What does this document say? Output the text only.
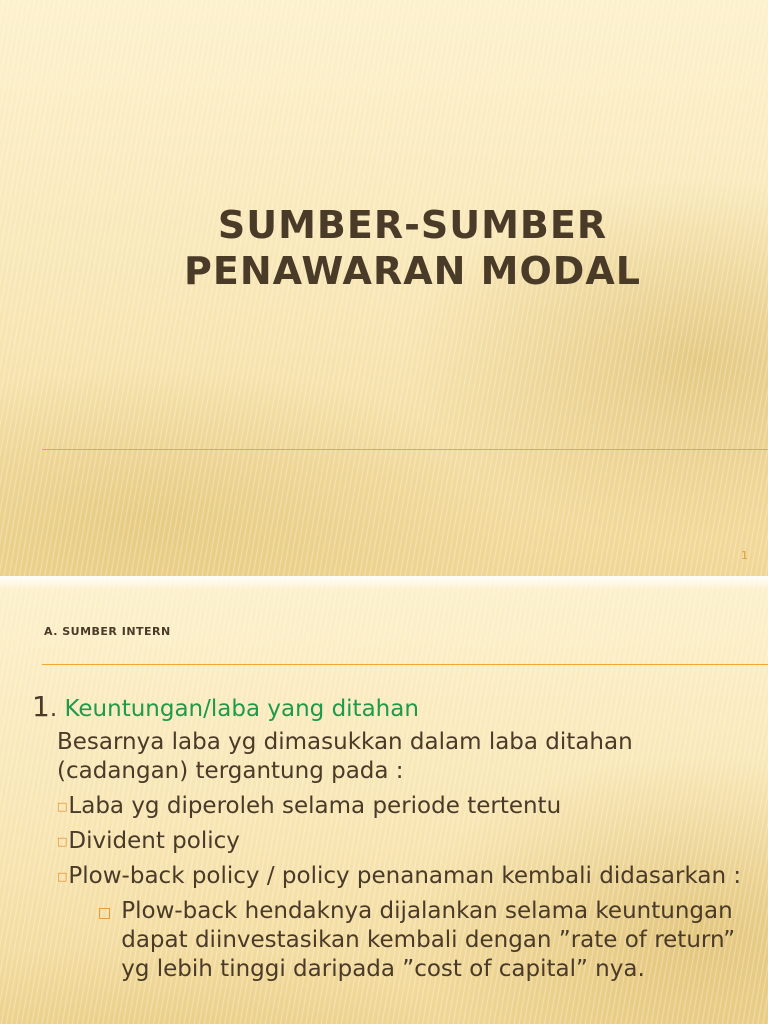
SUMBER-SUMBER
PENAWARAN MODAL
1
A. SUMBER INTERN
1 .
Keuntungan/laba yang ditahan
Besarnya laba yg dimasukkan dalam laba ditahan (cadangan) tergantung pada :
□Laba yg diperoleh selama periode tertentu
□Divident policy
□Plow-back policy / policy penanaman kembali didasarkan :
□ Plow-back hendaknya dijalankan selama keuntungan dapat diinvestasikan kembali dengan ”rate of return” yg lebih tinggi daripada ”cost of capital” nya.
